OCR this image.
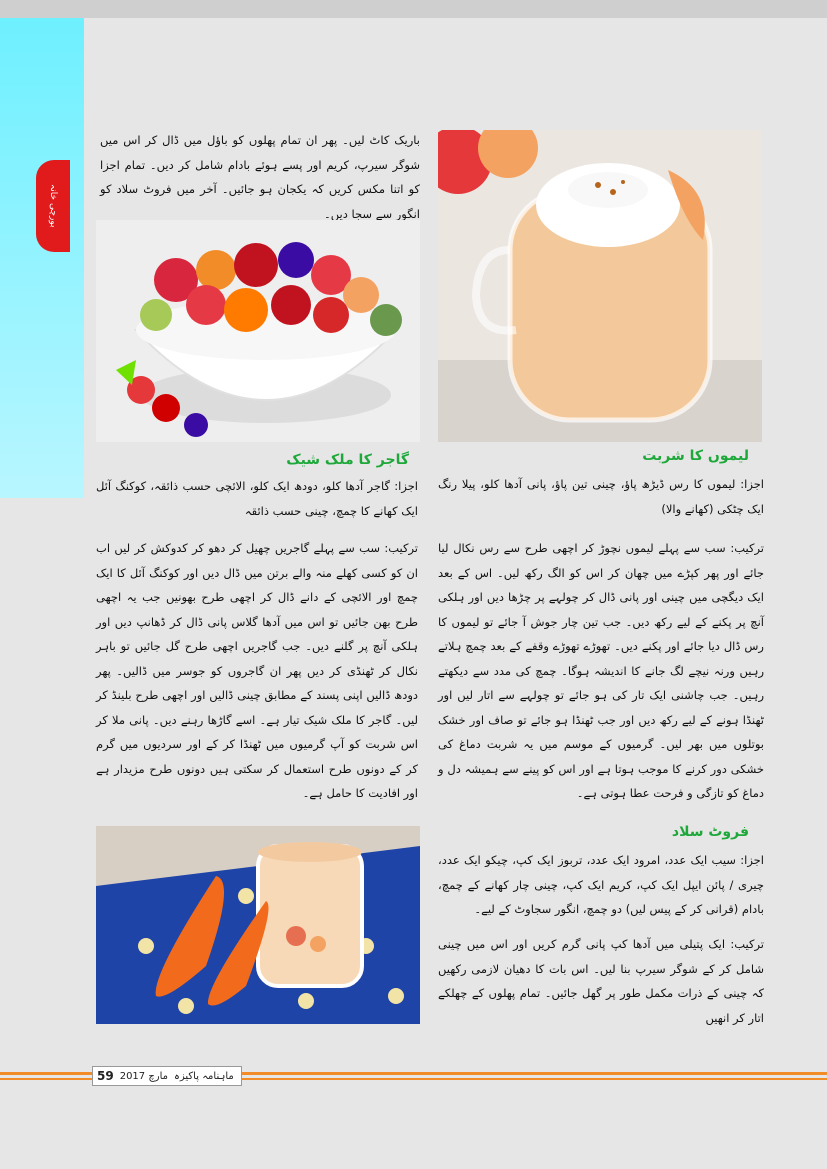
بورچی خانہ
باریک کاٹ لیں۔ پھر ان تمام پھلوں کو باؤل میں ڈال کر اس میں شوگر سیرپ، کریم اور پسے ہوئے بادام شامل کر دیں۔ تمام اجزا کو اتنا مکس کریں کہ یکجان ہو جائیں۔ آخر میں فروٹ سلاد کو انگور سے سجا دیں۔
لیموں کا شربت
اجزا: لیموں کا رس ڈیڑھ پاؤ، چینی تین پاؤ، پانی آدھا کلو، پیلا رنگ ایک چٹکی (کھانے والا)
ترکیب: سب سے پہلے لیموں نچوڑ کر اچھی طرح سے رس نکال لیا جائے اور پھر کپڑے میں چھان کر اس کو الگ رکھ لیں۔ اس کے بعد ایک دیگچی میں چینی اور پانی ڈال کر چولہے پر چڑھا دیں اور ہلکی آنچ پر پکنے کے لیے رکھ دیں۔ جب تین چار جوش آ جائے تو لیموں کا رس ڈال دیا جائے اور پکنے دیں۔ تھوڑے تھوڑے وقفے کے بعد چمچ ہلاتے رہیں ورنہ نیچے لگ جانے کا اندیشہ ہوگا۔ چمچ کی مدد سے دیکھتے رہیں۔ جب چاشنی ایک تار کی ہو جائے تو چولہے سے اتار لیں اور ٹھنڈا ہونے کے لیے رکھ دیں اور جب ٹھنڈا ہو جائے تو صاف اور خشک بوتلوں میں بھر لیں۔ گرمیوں کے موسم میں یہ شربت دماغ کی خشکی دور کرنے کا موجب ہوتا ہے اور اس کو پینے سے ہمیشہ دل و دماغ کو تازگی و فرحت عطا ہوتی ہے۔
فروٹ سلاد
اجزا: سیب ایک عدد، امرود ایک عدد، تربوز ایک کپ، چیکو ایک عدد، چیری / پائن ایپل ایک کپ، کریم ایک کپ، چینی چار کھانے کے چمچ، بادام (قرانی کر کے پیس لیں) دو چمچ، انگور سجاوٹ کے لیے۔
ترکیب: ایک پتیلی میں آدھا کپ پانی گرم کریں اور اس میں چینی شامل کر کے شوگر سیرپ بنا لیں۔ اس بات کا دھیان لازمی رکھیں کہ چینی کے ذرات مکمل طور پر گھل جائیں۔ تمام پھلوں کے چھلکے اتار کر انھیں
گاجر کا ملک شیک
اجزا: گاجر آدھا کلو، دودھ ایک کلو، الائچی حسب ذائقہ، کوکنگ آئل ایک کھانے کا چمچ، چینی حسب ذائقہ
ترکیب: سب سے پہلے گاجریں چھیل کر دھو کر کدوکش کر لیں اب ان کو کسی کھلے منہ والے برتن میں ڈال دیں اور کوکنگ آئل کا ایک چمچ اور الائچی کے دانے ڈال کر اچھی طرح بھونیں جب یہ اچھی طرح بھن جائیں تو اس میں آدھا گلاس پانی ڈال کر ڈھانپ دیں اور ہلکی آنچ پر گلنے دیں۔ جب گاجریں اچھی طرح گل جائیں تو باہر نکال کر ٹھنڈی کر دیں پھر ان گاجروں کو جوسر میں ڈالیں۔ پھر دودھ ڈالیں اپنی پسند کے مطابق چینی ڈالیں اور اچھی طرح بلینڈ کر لیں۔ گاجر کا ملک شیک تیار ہے۔ اسے گاڑھا رہنے دیں۔ پانی ملا کر اس شربت کو آپ گرمیوں میں ٹھنڈا کر کے اور سردیوں میں گرم کر کے دونوں طرح استعمال کر سکتی ہیں دونوں طرح مزیدار ہے اور افادیت کا حامل ہے۔
59 مارچ 2017 ماہنامہ پاکیزہ
